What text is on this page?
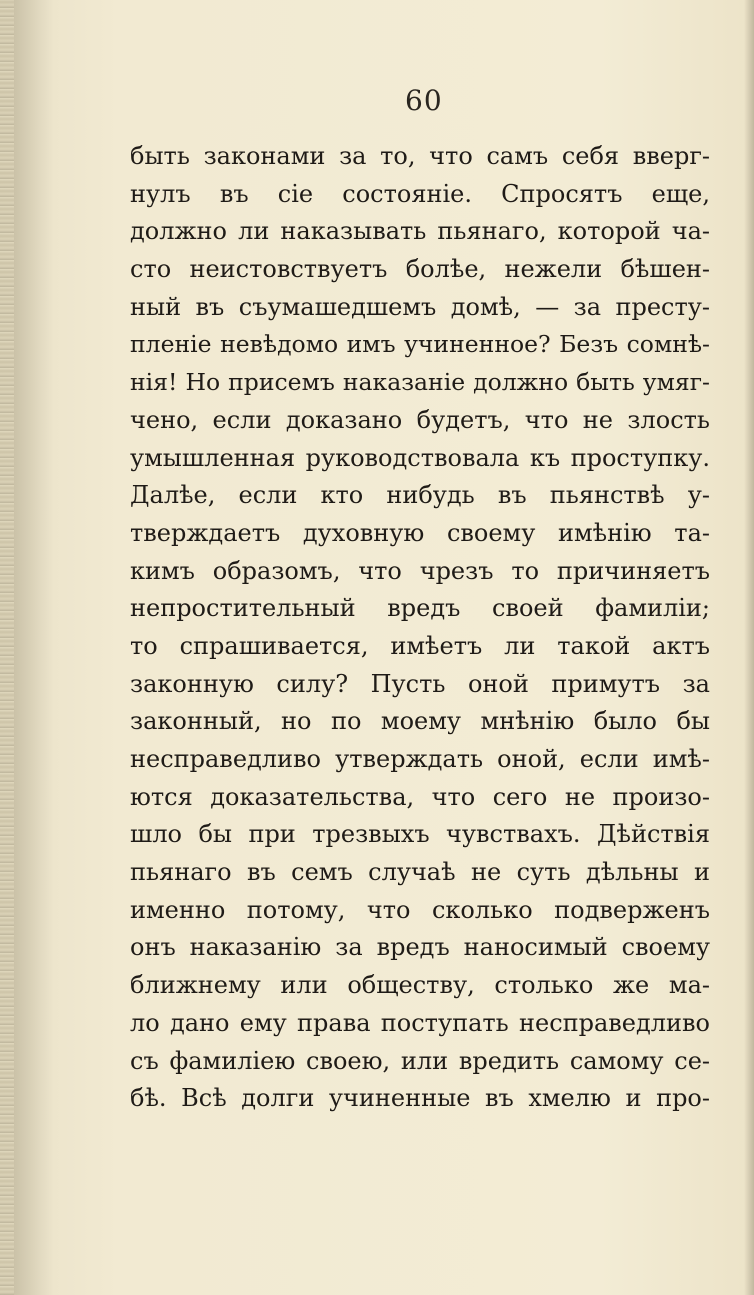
60
быть законами за то, что самъ себя вверг-
нулъ въ сіе состояніе. Спросятъ еще,
должно ли наказывать пьянаго, которой ча-
сто неистовствуетъ болѣе, нежели бѣшен-
ный въ съумашедшемъ домѣ, — за престу-
пленіе невѣдомо имъ учиненное? Безъ сомнѣ-
нія! Но присемъ наказаніе должно быть умяг-
чено, если доказано будетъ, что не злость
умышленная руководствовала къ проступку.
Далѣе, если кто нибудь въ пьянствѣ у-
тверждаетъ духовную своему имѣнію та-
кимъ образомъ, что чрезъ то причиняетъ
непростительный вредъ своей фамиліи;
то спрашивается, имѣетъ ли такой актъ
законную силу? Пусть оной примутъ за
законный, но по моему мнѣнію было бы
несправедливо утверждать оной, если имѣ-
ются доказательства, что сего не произо-
шло бы при трезвыхъ чувствахъ. Дѣйствія
пьянаго въ семъ случаѣ не суть дѣльны и
именно потому, что сколько подверженъ
онъ наказанію за вредъ наносимый своему
ближнему или обществу, столько же ма-
ло дано ему права поступать несправедливо
съ фамиліею своею, или вредить самому се-
бѣ. Всѣ долги учиненные въ хмелю и про-
